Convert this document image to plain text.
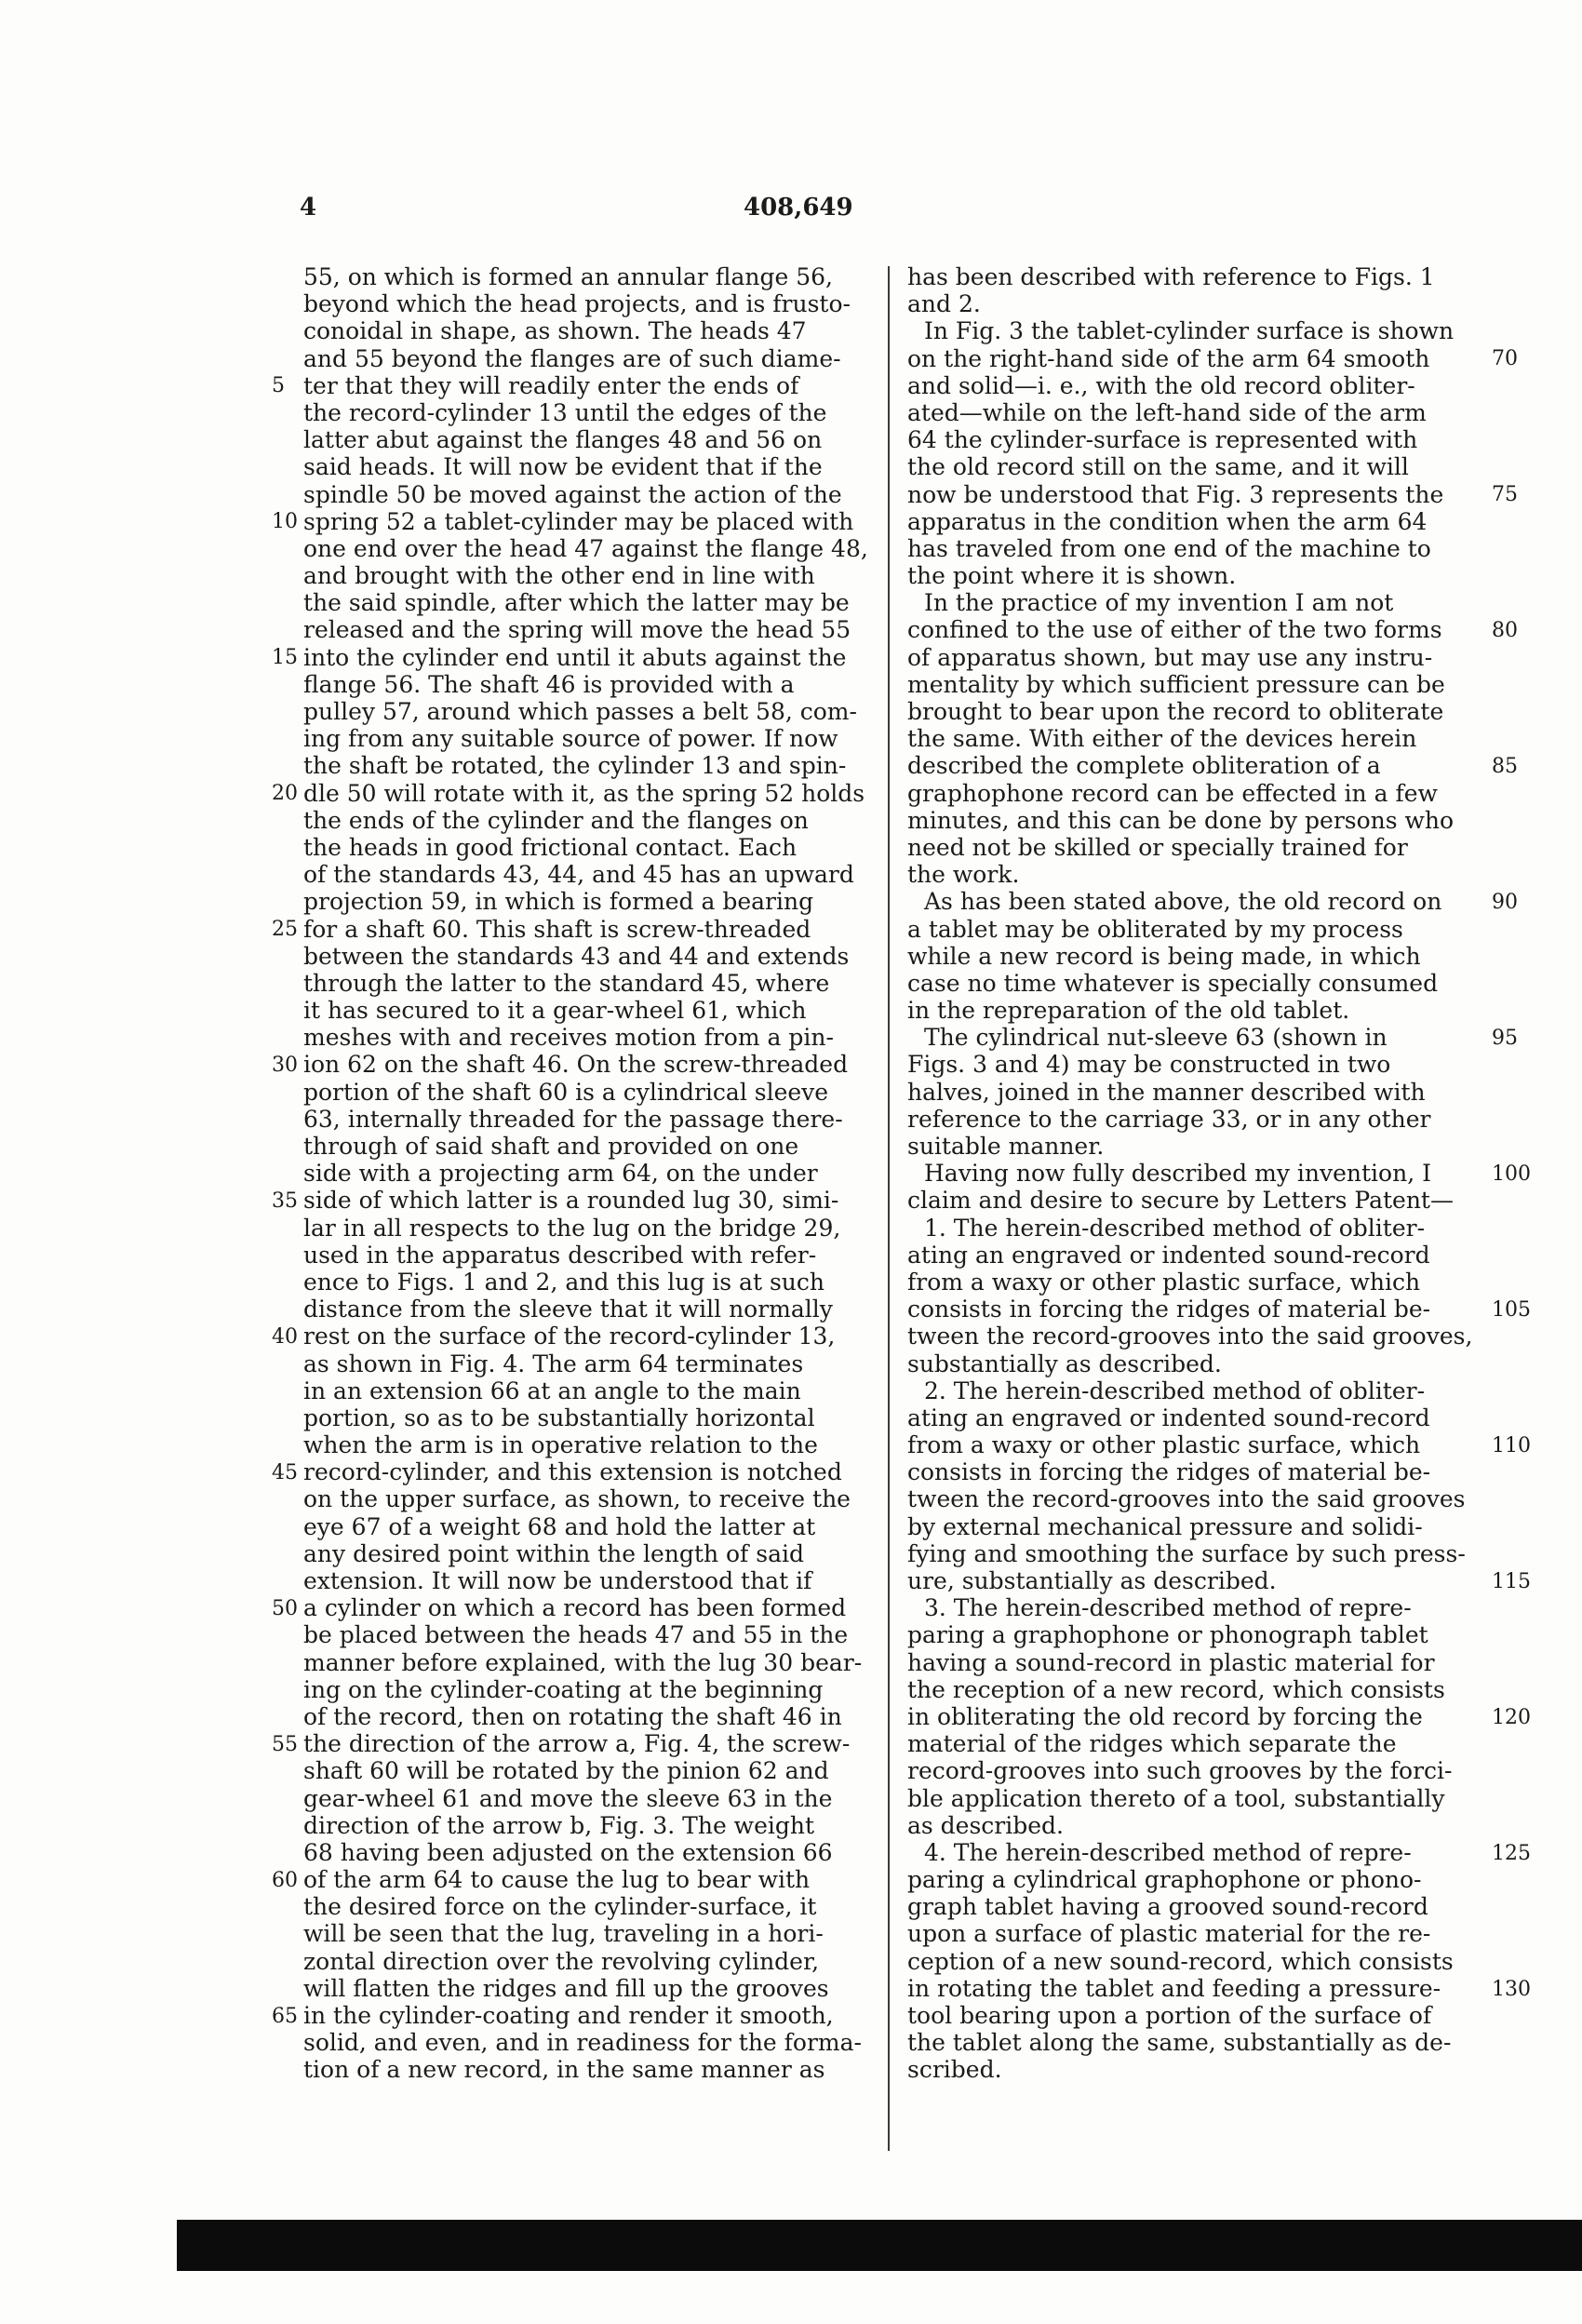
4	408,649
55, on which is formed an annular flange 56,
beyond which the head projects, and is frusto-
conoidal in shape, as shown. The heads 47
and 55 beyond the flanges are of such diame-
ter that they will readily enter the ends of
the record-cylinder 13 until the edges of the
latter abut against the flanges 48 and 56 on
said heads. It will now be evident that if the
spindle 50 be moved against the action of the
spring 52 a tablet-cylinder may be placed with
one end over the head 47 against the flange 48,
and brought with the other end in line with
the said spindle, after which the latter may be
released and the spring will move the head 55
into the cylinder end until it abuts against the
flange 56. The shaft 46 is provided with a
pulley 57, around which passes a belt 58, com-
ing from any suitable source of power. If now
the shaft be rotated, the cylinder 13 and spin-
dle 50 will rotate with it, as the spring 52 holds
the ends of the cylinder and the flanges on
the heads in good frictional contact. Each
of the standards 43, 44, and 45 has an upward
projection 59, in which is formed a bearing
for a shaft 60. This shaft is screw-threaded
between the standards 43 and 44 and extends
through the latter to the standard 45, where
it has secured to it a gear-wheel 61, which
meshes with and receives motion from a pin-
ion 62 on the shaft 46. On the screw-threaded
portion of the shaft 60 is a cylindrical sleeve
63, internally threaded for the passage there-
through of said shaft and provided on one
side with a projecting arm 64, on the under
side of which latter is a rounded lug 30, simi-
lar in all respects to the lug on the bridge 29,
used in the apparatus described with refer-
ence to Figs. 1 and 2, and this lug is at such
distance from the sleeve that it will normally
rest on the surface of the record-cylinder 13,
as shown in Fig. 4. The arm 64 terminates
in an extension 66 at an angle to the main
portion, so as to be substantially horizontal
when the arm is in operative relation to the
record-cylinder, and this extension is notched
on the upper surface, as shown, to receive the
eye 67 of a weight 68 and hold the latter at
any desired point within the length of said
extension. It will now be understood that if
a cylinder on which a record has been formed
be placed between the heads 47 and 55 in the
manner before explained, with the lug 30 bear-
ing on the cylinder-coating at the beginning
of the record, then on rotating the shaft 46 in
the direction of the arrow a, Fig. 4, the screw-
shaft 60 will be rotated by the pinion 62 and
gear-wheel 61 and move the sleeve 63 in the
direction of the arrow b, Fig. 3. The weight
68 having been adjusted on the extension 66
of the arm 64 to cause the lug to bear with
the desired force on the cylinder-surface, it
will be seen that the lug, traveling in a hori-
zontal direction over the revolving cylinder,
will flatten the ridges and fill up the grooves
in the cylinder-coating and render it smooth,
solid, and even, and in readiness for the forma-
tion of a new record, in the same manner as
has been described with reference to Figs. 1
and 2.
In Fig. 3 the tablet-cylinder surface is shown
on the right-hand side of the arm 64 smooth
and solid—i. e., with the old record obliter-
ated—while on the left-hand side of the arm
64 the cylinder-surface is represented with
the old record still on the same, and it will
now be understood that Fig. 3 represents the
apparatus in the condition when the arm 64
has traveled from one end of the machine to
the point where it is shown.
In the practice of my invention I am not
confined to the use of either of the two forms
of apparatus shown, but may use any instru-
mentality by which sufficient pressure can be
brought to bear upon the record to obliterate
the same. With either of the devices herein
described the complete obliteration of a
graphophone record can be effected in a few
minutes, and this can be done by persons who
need not be skilled or specially trained for
the work.
As has been stated above, the old record on
a tablet may be obliterated by my process
while a new record is being made, in which
case no time whatever is specially consumed
in the repreparation of the old tablet.
The cylindrical nut-sleeve 63 (shown in
Figs. 3 and 4) may be constructed in two
halves, joined in the manner described with
reference to the carriage 33, or in any other
suitable manner.
Having now fully described my invention, I
claim and desire to secure by Letters Patent—
1. The herein-described method of obliter-
ating an engraved or indented sound-record
from a waxy or other plastic surface, which
consists in forcing the ridges of material be-
tween the record-grooves into the said grooves,
substantially as described.
2. The herein-described method of obliter-
ating an engraved or indented sound-record
from a waxy or other plastic surface, which
consists in forcing the ridges of material be-
tween the record-grooves into the said grooves
by external mechanical pressure and solidi-
fying and smoothing the surface by such press-
ure, substantially as described.
3. The herein-described method of repre-
paring a graphophone or phonograph tablet
having a sound-record in plastic material for
the reception of a new record, which consists
in obliterating the old record by forcing the
material of the ridges which separate the
record-grooves into such grooves by the forci-
ble application thereto of a tool, substantially
as described.
4. The herein-described method of repre-
paring a cylindrical graphophone or phono-
graph tablet having a grooved sound-record
upon a surface of plastic material for the re-
ception of a new sound-record, which consists
in rotating the tablet and feeding a pressure-
tool bearing upon a portion of the surface of
the tablet along the same, substantially as de-
scribed.
5
10
15
20
25
30
35
40
45
50
55
60
65
70
75
80
85
90
95
100
105
110
115
120
125
130
